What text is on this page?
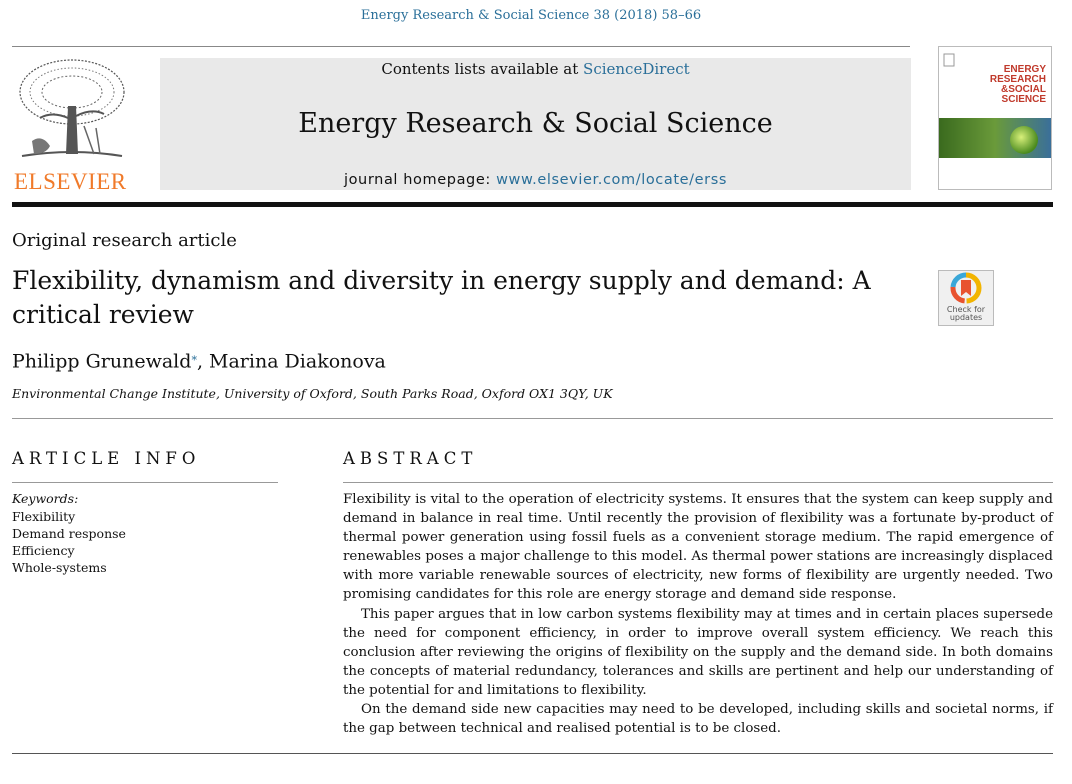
Energy Research & Social Science 38 (2018) 58–66
ELSEVIER
Contents lists available at ScienceDirect
Energy Research & Social Science
journal homepage: www.elsevier.com/locate/erss
ENERGY
RESEARCH
&SOCIAL
SCIENCE
Original research article
Flexibility, dynamism and diversity in energy supply and demand: A critical review	Check for
updates
Philipp Grunewald⁎, Marina Diakonova
Environmental Change Institute, University of Oxford, South Parks Road, Oxford OX1 3QY, UK
ARTICLE INFO
Keywords:
Flexibility
Demand response
Efficiency
Whole-systems
ABSTRACT

Flexibility is vital to the operation of electricity systems. It ensures that the system can keep supply and demand in balance in real time. Until recently the provision of flexibility was a fortunate by-product of thermal power generation using fossil fuels as a convenient storage medium. The rapid emergence of renewables poses a major challenge to this model. As thermal power stations are increasingly displaced with more variable renewable sources of electricity, new forms of flexibility are urgently needed. Two promising candidates for this role are energy storage and demand side response.

This paper argues that in low carbon systems flexibility may at times and in certain places supersede the need for component efficiency, in order to improve overall system efficiency. We reach this conclusion after reviewing the origins of flexibility on the supply and the demand side. In both domains the concepts of material redundancy, tolerances and skills are pertinent and help our understanding of the potential for and limitations to flexibility.

On the demand side new capacities may need to be developed, including skills and societal norms, if the gap between technical and realised potential is to be closed.
